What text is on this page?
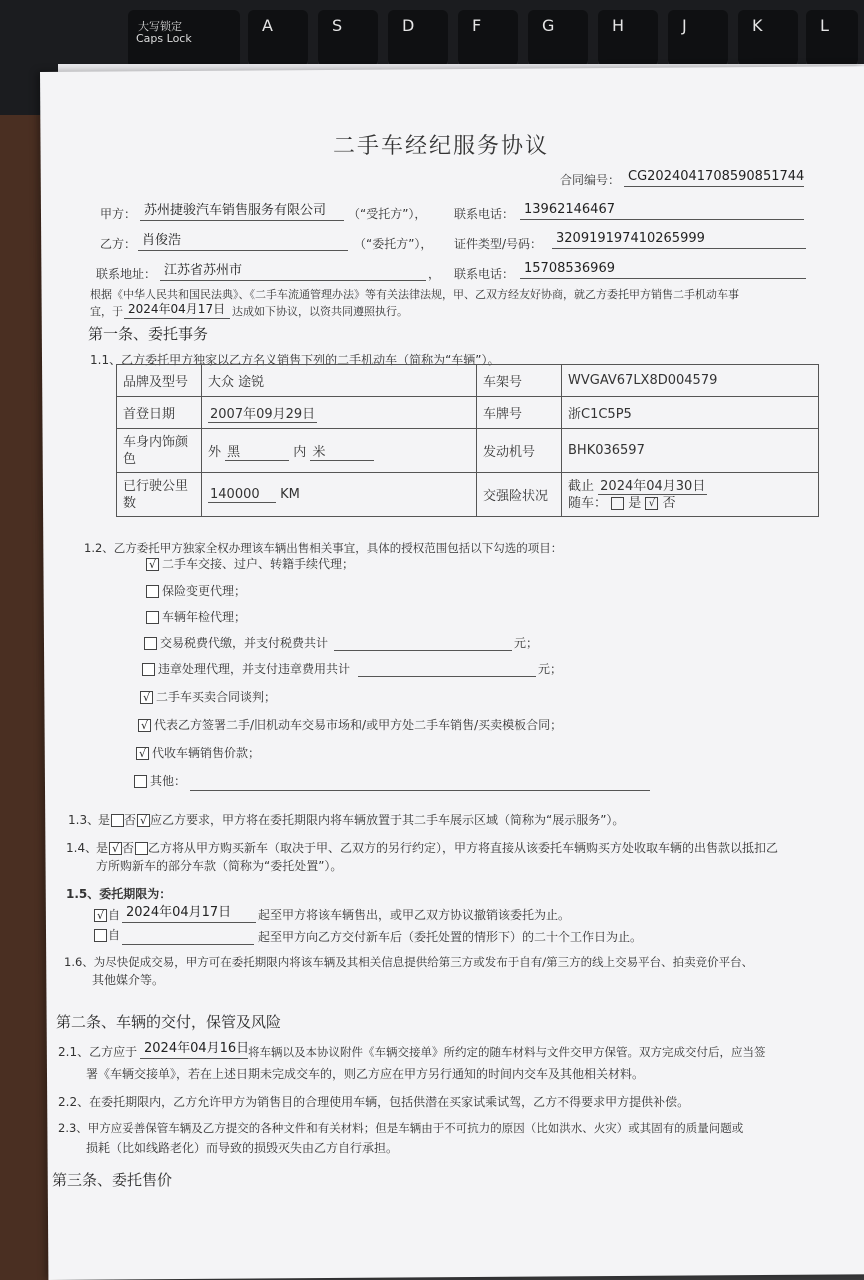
大写锁定
Caps Lock
A	S	D	F	G	H	J	K	L
二手车经纪服务协议
合同编号： CG2024041708590851744
甲方： 苏州捷骏汽车销售服务有限公司	（“受托方”）， 联系电话： 13962146467
乙方： 肖俊浩	（“委托方”）， 证件类型/号码：	320919197410265999
联系地址： 江苏省苏州市	， 联系电话： 15708536969
根据《中华人民共和国民法典》、《二手车流通管理办法》等有关法律法规，甲、乙双方经友好协商，就乙方委托甲方销售二手机动车事
宜，于 2024年04月17日 达成如下协议，以资共同遵照执行。
第一条、委托事务
1.1、乙方委托甲方独家以乙方名义销售下列的二手机动车（简称为“车辆”）。
品牌及型号	大众 途锐	车架号	WVGAV67LX8D004579
首登日期	2007年09月29日	车牌号	浙C1C5P5
车身内饰颜色	外 黑 内 米	发动机号	BHK036597
已行驶公里数	140000 KM	交强险状况	截止 2024年04月30日
随车： 是 √ 否
1.2、乙方委托甲方独家全权办理该车辆出售相关事宜，具体的授权范围包括以下勾选的项目：
√ 二手车交接、过户、转籍手续代理；
保险变更代理；
车辆年检代理；
交易税费代缴，并支付税费共计	元；
违章处理代理，并支付违章费用共计	元；
√ 二手车买卖合同谈判；
√ 代表乙方签署二手/旧机动车交易市场和/或甲方处二手车销售/买卖模板合同；
√ 代收车辆销售价款；
其他：
1.3、
是 否 √ 应乙方要求，甲方将在委托期限内将车辆放置于其二手车展示区域（简称为“展示服务”）。
1.4、
是 √ 否 乙方将从甲方购买新车（取决于甲、乙双方的另行约定），甲方将直接从该委托车辆购买方处收取车辆的出售款以抵扣乙
方所购新车的部分车款（简称为“委托处置”）。
1.5、委托期限为：
√ 自 2024年04月17日	起至甲方将该车辆售出，或甲乙双方协议撤销该委托为止。
自	起至甲方向乙方交付新车后（委托处置的情形下）的二十个工作日为止。
1.6、为尽快促成交易，甲方可在委托期限内将该车辆及其相关信息提供给第三方或发布于自有/第三方的线上交易平台、拍卖竞价平台、
其他媒介等。
第二条、车辆的交付，保管及风险
2.1、乙方应于 2024年04月16日
将车辆以及本协议附件《车辆交接单》所约定的随车材料与文件交甲方保管。双方完成交付后，应当签
署《车辆交接单》，若在上述日期未完成交车的，则乙方应在甲方另行通知的时间内交车及其他相关材料。
2.2、在委托期限内，乙方允许甲方为销售目的合理使用车辆，包括供潜在买家试乘试驾，乙方不得要求甲方提供补偿。
2.3、甲方应妥善保管车辆及乙方提交的各种文件和有关材料；但是车辆由于不可抗力的原因（比如洪水、火灾）或其固有的质量问题或
损耗（比如线路老化）而导致的损毁灭失由乙方自行承担。
第三条、委托售价
